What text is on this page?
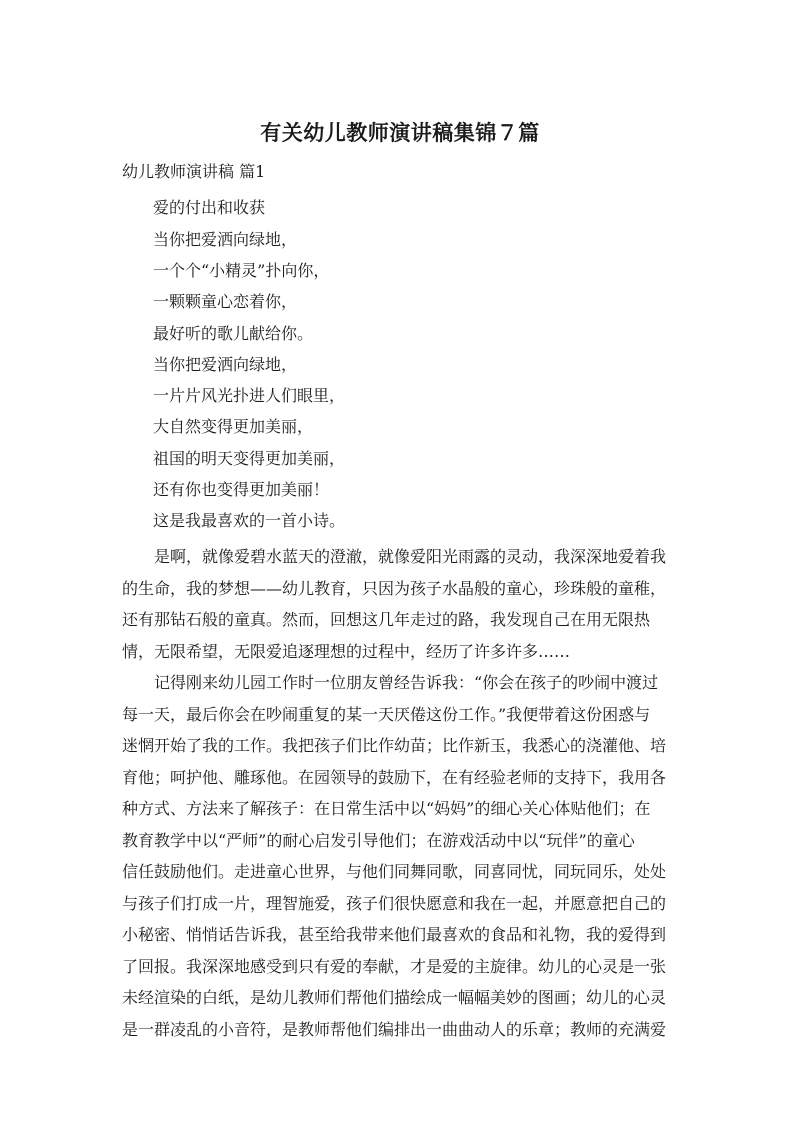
有关幼儿教师演讲稿集锦７篇
幼儿教师演讲稿 篇1
爱的付出和收获
当你把爱洒向绿地，
一个个“小精灵”扑向你，
一颗颗童心恋着你，
最好听的歌儿献给你。
当你把爱洒向绿地，
一片片风光扑进人们眼里，
大自然变得更加美丽，
祖国的明天变得更加美丽，
还有你也变得更加美丽！
这是我最喜欢的一首小诗。
　　是啊，就像爱碧水蓝天的澄澈，就像爱阳光雨露的灵动，我深深地爱着我
的生命，我的梦想——幼儿教育，只因为孩子水晶般的童心，珍珠般的童稚，
还有那钻石般的童真。然而，回想这几年走过的路，我发现自己在用无限热
情，无限希望，无限爱追逐理想的过程中，经历了许多许多……
　　记得刚来幼儿园工作时一位朋友曾经告诉我：“你会在孩子的吵闹中渡过
每一天，最后你会在吵闹重复的某一天厌倦这份工作。”我便带着这份困惑与
迷惘开始了我的工作。我把孩子们比作幼苗；比作新玉，我悉心的浇灌他、培
育他；呵护他、雕琢他。在园领导的鼓励下，在有经验老师的支持下，我用各
种方式、方法来了解孩子：在日常生活中以“妈妈”的细心关心体贴他们；在
教育教学中以“严师”的耐心启发引导他们；在游戏活动中以“玩伴”的童心
信任鼓励他们。走进童心世界，与他们同舞同歌，同喜同忧，同玩同乐，处处
与孩子们打成一片，理智施爱，孩子们很快愿意和我在一起，并愿意把自己的
小秘密、悄悄话告诉我，甚至给我带来他们最喜欢的食品和礼物，我的爱得到
了回报。我深深地感受到只有爱的奉献，才是爱的主旋律。幼儿的心灵是一张
未经渲染的白纸，是幼儿教师们帮他们描绘成一幅幅美妙的图画；幼儿的心灵
是一群凌乱的小音符，是教师帮他们编排出一曲曲动人的乐章；教师的充满爱
